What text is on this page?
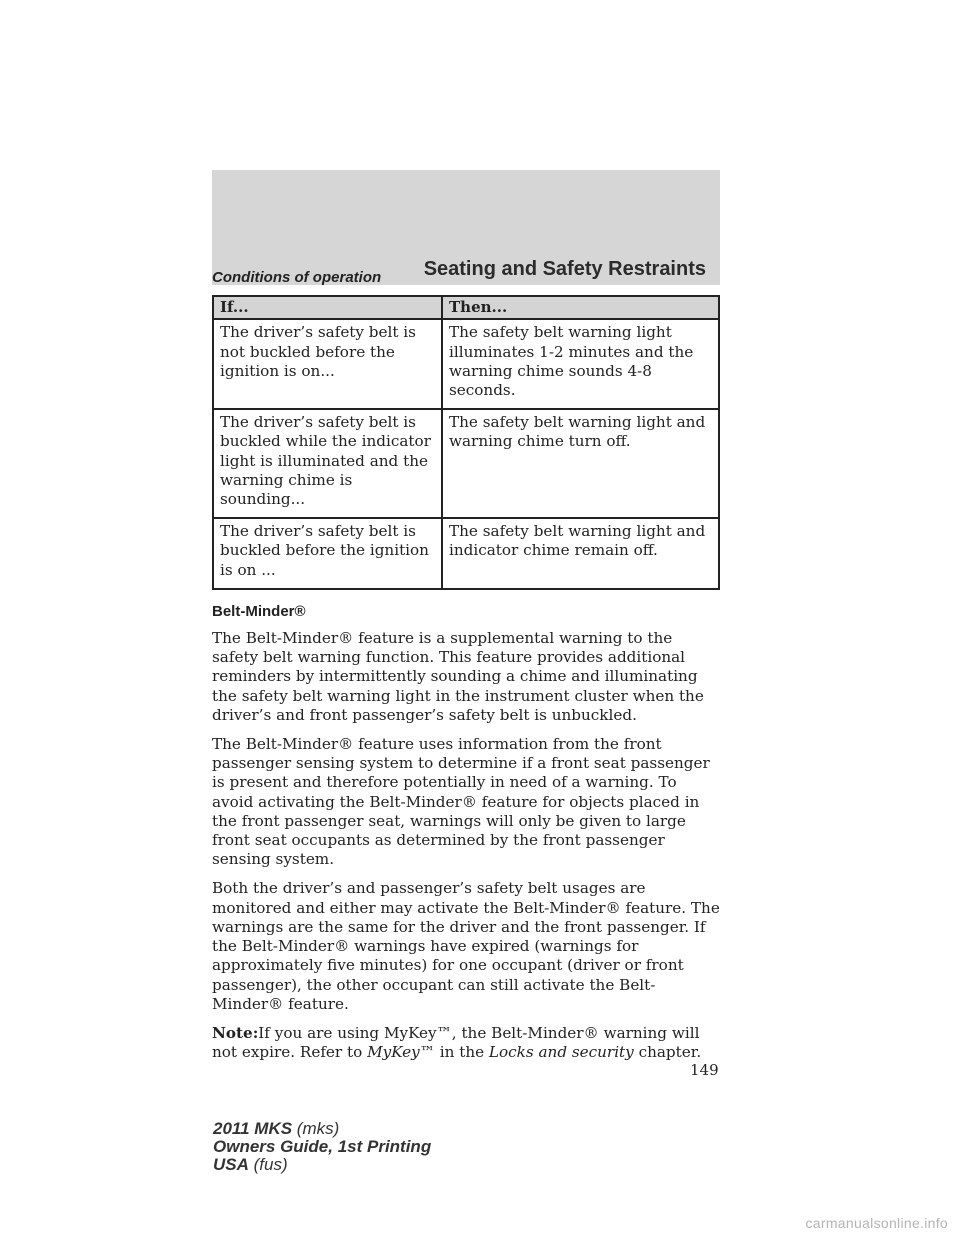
Seating and Safety Restraints
Conditions of operation
If...	Then...
The driver’s safety belt is not buckled before the ignition is on...	The safety belt warning light illuminates 1-2 minutes and the warning chime sounds 4-8 seconds.
The driver’s safety belt is buckled while the indicator light is illuminated and the warning chime is sounding...	The safety belt warning light and warning chime turn off.
The driver’s safety belt is buckled before the ignition is on ...	The safety belt warning light and indicator chime remain off.
Belt-Minder®

The Belt-Minder® feature is a supplemental warning to the safety belt warning function. This feature provides additional reminders by intermittently sounding a chime and illuminating the safety belt warning light in the instrument cluster when the driver’s and front passenger’s safety belt is unbuckled.

The Belt-Minder® feature uses information from the front passenger sensing system to determine if a front seat passenger is present and therefore potentially in need of a warning. To avoid activating the Belt-Minder® feature for objects placed in the front passenger seat, warnings will only be given to large front seat occupants as determined by the front passenger sensing system.

Both the driver’s and passenger’s safety belt usages are monitored and either may activate the Belt-Minder® feature. The warnings are the same for the driver and the front passenger. If the Belt-Minder® warnings have expired (warnings for approximately five minutes) for one occupant (driver or front passenger), the other occupant can still activate the Belt-Minder® feature.

Note:If you are using MyKey™, the Belt-Minder® warning will not expire. Refer to MyKey™ in the Locks and security chapter.

149
2011 MKS (mks)
Owners Guide, 1st Printing
USA (fus)
carmanualsonline.info
